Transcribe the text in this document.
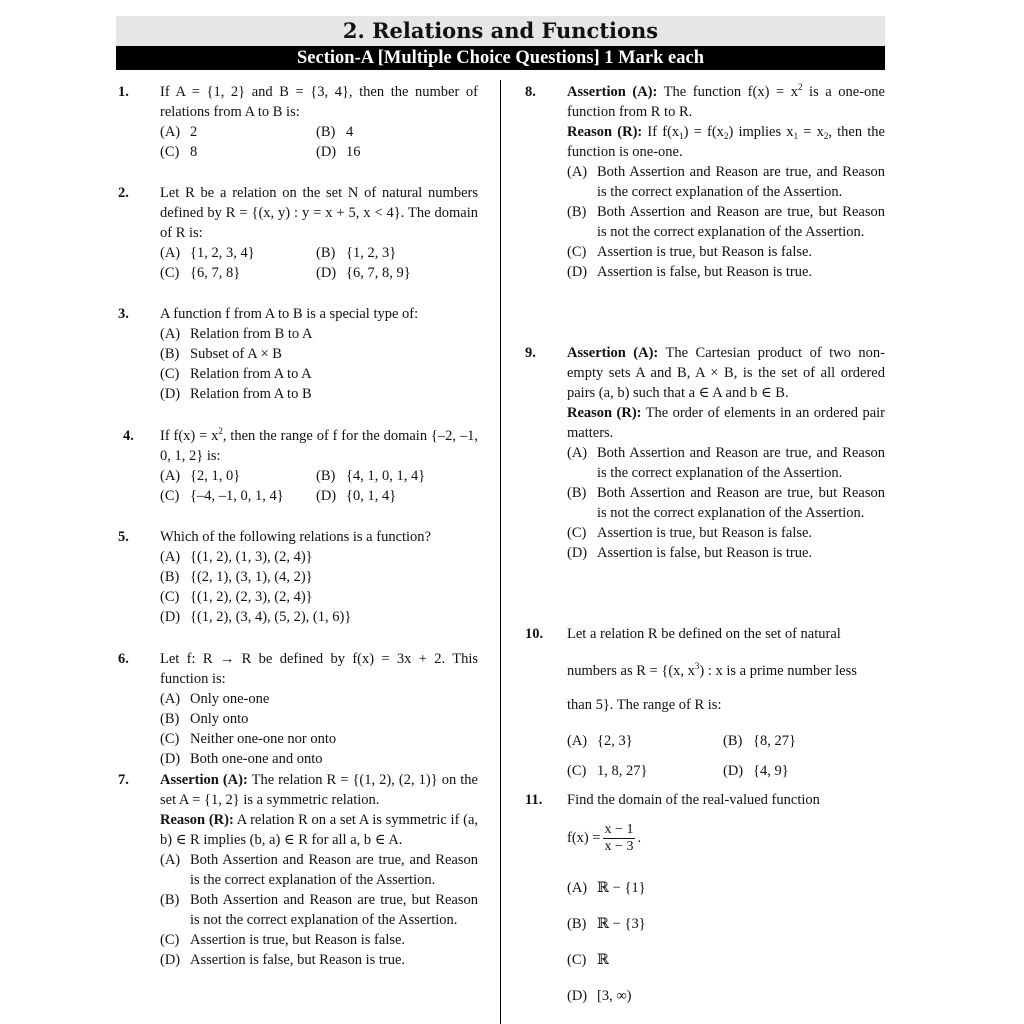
2. Relations and Functions
Section-A [Multiple Choice Questions] 1 Mark each
1. If A = {1, 2} and B = {3, 4}, then the number of relations from A to B is:
(A) 2	(B) 4
(C) 8	(D) 16
2. Let R be a relation on the set N of natural numbers defined by R = {(x, y) : y = x + 5, x < 4}. The domain of R is:
(A) {1, 2, 3, 4}	(B) {1, 2, 3}
(C) {6, 7, 8}	(D) {6, 7, 8, 9}
3. A function f from A to B is a special type of:
(A) Relation from B to A
(B) Subset of A × B
(C) Relation from A to A
(D) Relation from A to B
4. If $f(x) = x^2$, then the range of f for the domain {–2, –1, 0, 1, 2} is:
(A) {2, 1, 0}	(B) {4, 1, 0, 1, 4}
(C) {–4, –1, 0, 1, 4} (D) {0, 1, 4}
5. Which of the following relations is a function?
(A) {(1, 2), (1, 3), (2, 4)}
(B) {(2, 1), (3, 1), (4, 2)}
(C) {(1, 2), (2, 3), (2, 4)}
(D) {(1, 2), (3, 4), (5, 2), (1, 6)}
6. Let f: R → R be defined by f(x) = 3x + 2. This function is:
(A) Only one-one
(B) Only onto
(C) Neither one-one nor onto
(D) Both one-one and onto
7. Assertion (A): The relation R = {(1, 2), (2, 1)} on the set A = {1, 2} is a symmetric relation.
Reason (R): A relation R on a set A is symmetric if (a, b) ∈ R implies (b, a) ∈ R for all a, b ∈ A.
(A) Both Assertion and Reason are true, and Reason is the correct explanation of the Assertion.
(B) Both Assertion and Reason are true, but Reason is not the correct explanation of the Assertion.
(C) Assertion is true, but Reason is false.
(D) Assertion is false, but Reason is true.
8. Assertion (A): The function $f(x) = x^2$ is a one-one function from R to R.
Reason (R): If $f(x_1) = f(x_2)$ implies $x_1 = x_2$, then the function is one-one.
(A) Both Assertion and Reason are true, and Reason is the correct explanation of the Assertion.
(B) Both Assertion and Reason are true, but Reason is not the correct explanation of the Assertion.
(C) Assertion is true, but Reason is false.
(D) Assertion is false, but Reason is true.
9. Assertion (A): The Cartesian product of two non-empty sets A and B, A × B, is the set of all ordered pairs (a, b) such that a ∈ A and b ∈ B.
Reason (R): The order of elements in an ordered pair matters.
(A) Both Assertion and Reason are true, and Reason is the correct explanation of the Assertion.
(B) Both Assertion and Reason are true, but Reason is not the correct explanation of the Assertion.
(C) Assertion is true, but Reason is false.
(D) Assertion is false, but Reason is true.
10. Let a relation R be defined on the set of natural
numbers as R = {(x, $x^3$) : x is a prime number less
than 5}. The range of R is:
(A) {2, 3}	(B) {8, 27}
(C) 1, 8, 27}	(D) {4, 9}
11. Find the domain of the real-valued function
$f(x) = \frac{x - 1}{x - 3}$ .
(A) ℝ − {1}
(B) ℝ − {3}
(C) ℝ
(D) [3, ∞)
